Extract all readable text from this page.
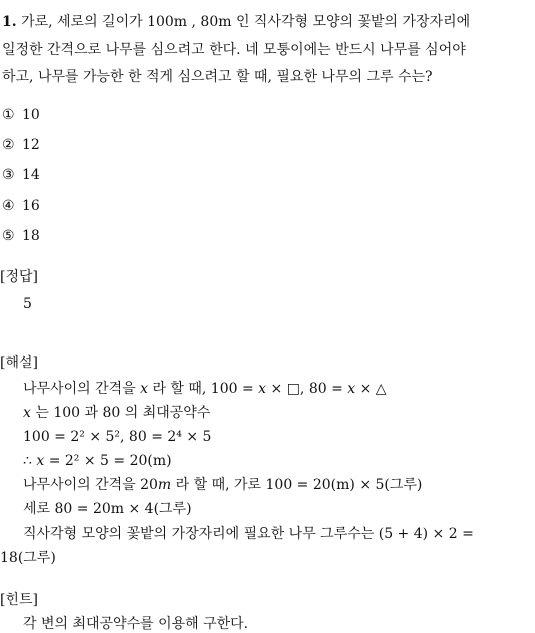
1. 가로, 세로의 길이가 100m , 80m 인 직사각형 모양의 꽃밭의 가장자리에
일정한 간격으로 나무를 심으려고 한다. 네 모퉁이에는 반드시 나무를 심어야
하고, 나무를 가능한 한 적게 심으려고 할 때, 필요한 나무의 그루 수는?
① 10
② 12
③ 14
④ 16
⑤ 18
[정답]
5
[해설]
나무사이의 간격을 𝑥 라 할 때, 100 = 𝑥 × □, 80 = 𝑥 × △
𝑥 는 100 과 80 의 최대공약수
100 = 2² × 5², 80 = 2⁴ × 5
∴ 𝑥 = 2² × 5 = 20(m)
나무사이의 간격을 20𝑚 라 할 때, 가로 100 = 20(m) × 5(그루)
세로 80 = 20m × 4(그루)
직사각형 모양의 꽃밭의 가장자리에 필요한 나무 그루수는 (5 + 4) × 2 =
18(그루)
[힌트]
각 변의 최대공약수를 이용해 구한다.
